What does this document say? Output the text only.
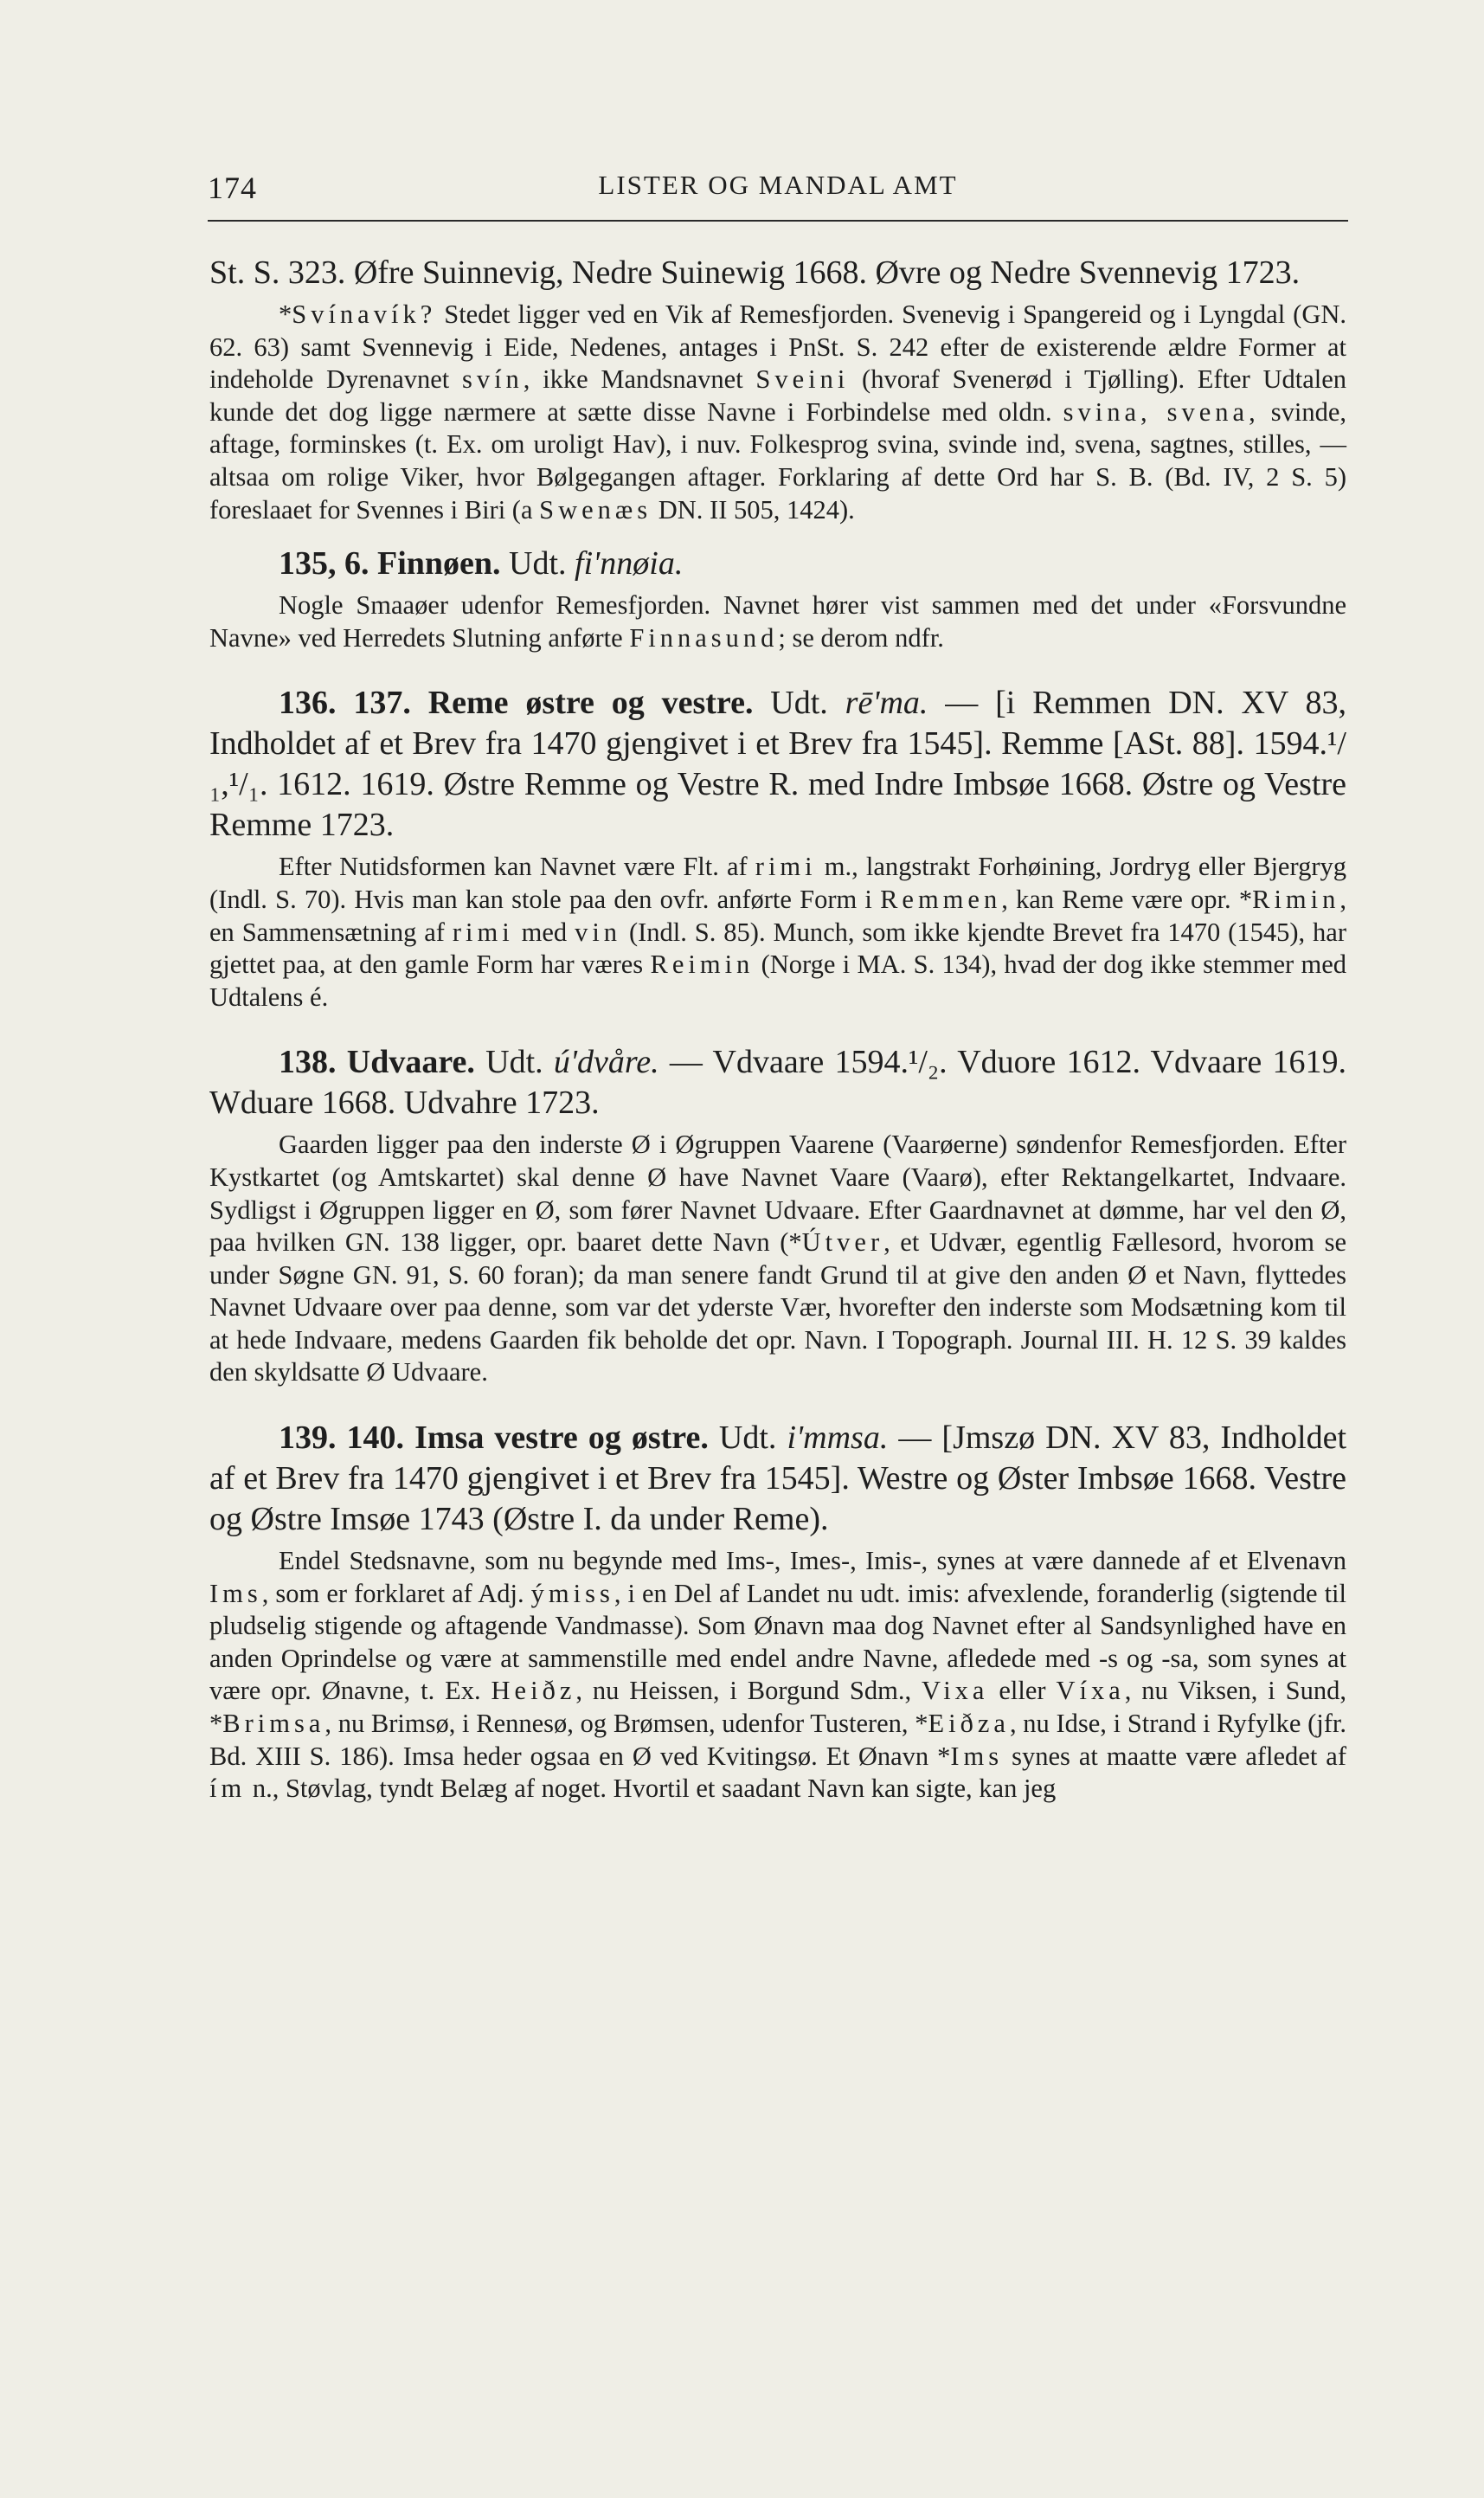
174	LISTER OG MANDAL AMT

St. S. 323. Øfre Suinnevig, Nedre Suinewig 1668. Øvre og Nedre Svennevig 1723.

*Svínavík? Stedet ligger ved en Vik af Remesfjorden. Svenevig i Spangereid og i Lyngdal (GN. 62. 63) samt Svennevig i Eide, Nedenes, antages i PnSt. S. 242 efter de existerende ældre Former at indeholde Dyrenavnet svín, ikke Mandsnavnet Sveini (hvoraf Svenerød i Tjølling). Efter Udtalen kunde det dog ligge nærmere at sætte disse Navne i Forbindelse med oldn. svina, svena, svinde, aftage, forminskes (t. Ex. om uroligt Hav), i nuv. Folkesprog svina, svinde ind, svena, sagtnes, stilles, — altsaa om rolige Viker, hvor Bølgegangen aftager. Forklaring af dette Ord har S. B. (Bd. IV, 2 S. 5) foreslaaet for Svennes i Biri (a Swenæs DN. II 505, 1424).

135, 6. Finnøen. Udt. fi'nnøia.

Nogle Smaaøer udenfor Remesfjorden. Navnet hører vist sammen med det under «Forsvundne Navne» ved Herredets Slutning anførte Finnasund; se derom ndfr.

136. 137. Reme østre og vestre. Udt. rē'ma. — [i Remmen DN. XV 83, Indholdet af et Brev fra 1470 gjengivet i et Brev fra 1545]. Remme [ASt. 88]. 1594.¹/₁,¹/₁. 1612. 1619. Østre Remme og Vestre R. med Indre Imbsøe 1668. Østre og Vestre Remme 1723.

Efter Nutidsformen kan Navnet være Flt. af rimi m., langstrakt Forhøining, Jordryg eller Bjergryg (Indl. S. 70). Hvis man kan stole paa den ovfr. anførte Form i Remmen, kan Reme være opr. *Rimin, en Sammensætning af rimi med vin (Indl. S. 85). Munch, som ikke kjendte Brevet fra 1470 (1545), har gjettet paa, at den gamle Form har væres Reimin (Norge i MA. S. 134), hvad der dog ikke stemmer med Udtalens é.

138. Udvaare. Udt. ú'dvåre. — Vdvaare 1594.¹/₂. Vduore 1612. Vdvaare 1619. Wduare 1668. Udvahre 1723.

Gaarden ligger paa den inderste Ø i Øgruppen Vaarene (Vaarøerne) søndenfor Remesfjorden. Efter Kystkartet (og Amtskartet) skal denne Ø have Navnet Vaare (Vaarø), efter Rektangelkartet, Indvaare. Sydligst i Øgruppen ligger en Ø, som fører Navnet Udvaare. Efter Gaardnavnet at dømme, har vel den Ø, paa hvilken GN. 138 ligger, opr. baaret dette Navn (*Útver, et Udvær, egentlig Fællesord, hvorom se under Søgne GN. 91, S. 60 foran); da man senere fandt Grund til at give den anden Ø et Navn, flyttedes Navnet Udvaare over paa denne, som var det yderste Vær, hvorefter den inderste som Modsætning kom til at hede Indvaare, medens Gaarden fik beholde det opr. Navn. I Topograph. Journal III. H. 12 S. 39 kaldes den skyldsatte Ø Udvaare.

139. 140. Imsa vestre og østre. Udt. i'mmsa. — [Jmszø DN. XV 83, Indholdet af et Brev fra 1470 gjengivet i et Brev fra 1545]. Westre og Øster Imbsøe 1668. Vestre og Østre Imsøe 1743 (Østre I. da under Reme).

Endel Stedsnavne, som nu begynde med Ims-, Imes-, Imis-, synes at være dannede af et Elvenavn Ims, som er forklaret af Adj. ýmiss, i en Del af Landet nu udt. imis: afvexlende, foranderlig (sigtende til pludselig stigende og aftagende Vandmasse). Som Ønavn maa dog Navnet efter al Sandsynlighed have en anden Oprindelse og være at sammenstille med endel andre Navne, afledede med -s og -sa, som synes at være opr. Ønavne, t. Ex. Heiðz, nu Heissen, i Borgund Sdm., Vixa eller Víxa, nu Viksen, i Sund, *Brimsa, nu Brimsø, i Rennesø, og Brømsen, udenfor Tusteren, *Eiðza, nu Idse, i Strand i Ryfylke (jfr. Bd. XIII S. 186). Imsa heder ogsaa en Ø ved Kvitingsø. Et Ønavn *Ims synes at maatte være afledet af ím n., Støvlag, tyndt Belæg af noget. Hvortil et saadant Navn kan sigte, kan jeg
